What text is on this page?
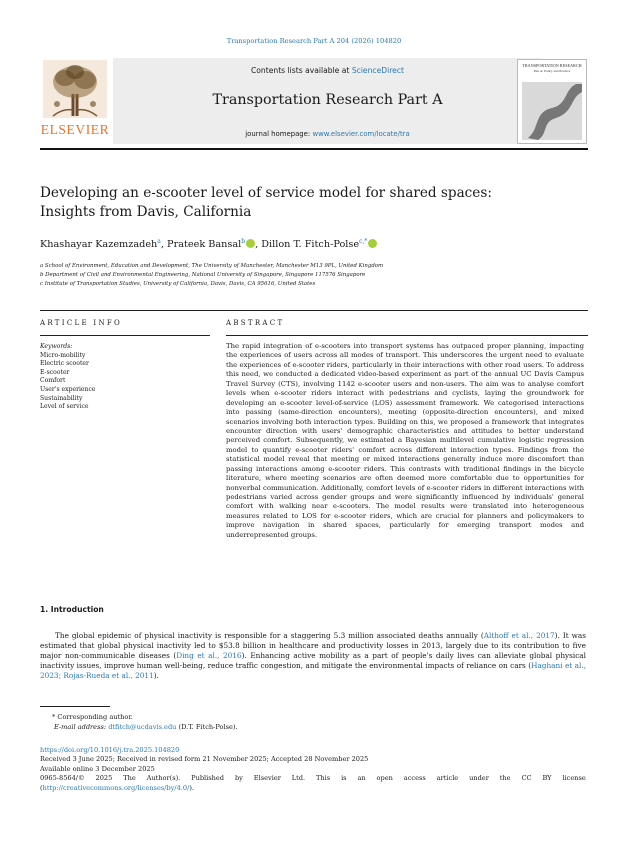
Transportation Research Part A 204 (2026) 104820
ELSEVIER
Contents lists available at ScienceDirect
Transportation Research Part A
journal homepage: www.elsevier.com/locate/tra
TRANSPORTATION RESEARCH
Part A: Policy and Practice
Developing an e-scooter level of service model for shared spaces:
Insights from Davis, California
Khashayar Kazemzadeh$^a$, Prateek Bansal$^b$ , Dillon T. Fitch-Polse$^{c,*}$
a School of Environment, Education and Development, The University of Manchester, Manchester M13 9PL, United Kingdom
b Department of Civil and Environmental Engineering, National University of Singapore, Singapore 117576 Singapore
c Institute of Transportation Studies, University of California, Davis, Davis, CA 95616, United States
ARTICLE INFO	ABSTRACT
Keywords:
Micro-mobility
Electric scooter
E-scooter
Comfort
User's experience
Sustainability
Level of service
The rapid integration of e-scooters into transport systems has outpaced proper planning, impacting the experiences of users across all modes of transport. This underscores the urgent need to evaluate the experiences of e-scooter riders, particularly in their interactions with other road users. To address this need, we conducted a dedicated video-based experiment as part of the annual UC Davis Campus Travel Survey (CTS), involving 1142 e-scooter users and non-users. The aim was to analyse comfort levels when e-scooter riders interact with pedestrians and cyclists, laying the groundwork for developing an e-scooter level-of-service (LOS) assessment framework. We categorised interactions into passing (same-direction encounters), meeting (opposite-direction encounters), and mixed scenarios involving both interaction types. Building on this, we proposed a framework that integrates encounter direction with users' demographic characteristics and attitudes to better understand perceived comfort. Subsequently, we estimated a Bayesian multilevel cumulative logistic regression model to quantify e-scooter riders' comfort across different interaction types. Findings from the statistical model reveal that meeting or mixed interactions generally induce more discomfort than passing interactions among e-scooter riders. This contrasts with traditional findings in the bicycle literature, where meeting scenarios are often deemed more comfortable due to opportunities for nonverbal communication. Additionally, comfort levels of e-scooter riders in different interactions with pedestrians varied across gender groups and were significantly influenced by individuals' general comfort with walking near e-scooters. The model results were translated into heterogeneous measures related to LOS for e-scooter riders, which are crucial for planners and policymakers to improve navigation in shared spaces, particularly for emerging transport modes and underrepresented groups.
1. Introduction
The global epidemic of physical inactivity is responsible for a staggering 5.3 million associated deaths annually (Althoff et al., 2017). It was estimated that global physical inactivity led to $53.8 billion in healthcare and productivity losses in 2013, largely due to its contribution to five major non-communicable diseases (Ding et al., 2016). Enhancing active mobility as a part of people's daily lives can alleviate global physical inactivity issues, improve human well-being, reduce traffic congestion, and mitigate the environmental impacts of reliance on cars (Haghani et al., 2023; Rojas-Rueda et al., 2011).
* Corresponding author.
E-mail address: dtfitch@ucdavis.edu (D.T. Fitch-Polse).
https://doi.org/10.1016/j.tra.2025.104820
Received 3 June 2025; Received in revised form 21 November 2025; Accepted 28 November 2025
Available online 3 December 2025
0965-8564/© 2025 The Author(s). Published by Elsevier Ltd. This is an open access article under the CC BY license
(http://creativecommons.org/licenses/by/4.0/).
